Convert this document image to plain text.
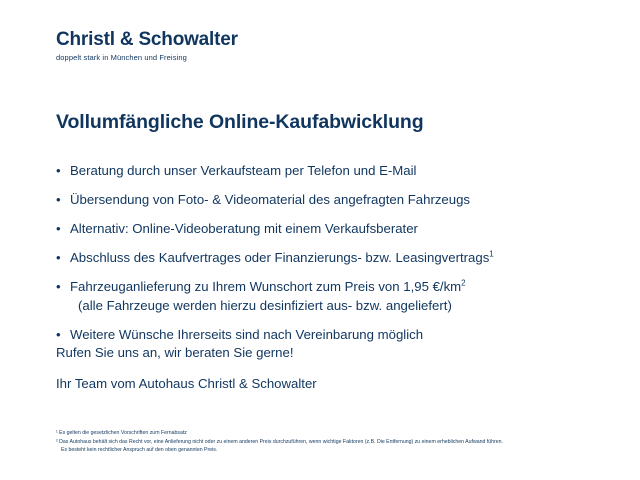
Christl & Schowalter
doppelt stark in München und Freising
Vollumfängliche Online-Kaufabwicklung
• Beratung durch unser Verkaufsteam per Telefon und E-Mail
• Übersendung von Foto- & Videomaterial des angefragten Fahrzeugs
• Alternativ: Online-Videoberatung mit einem Verkaufsberater
• Abschluss des Kaufvertrages oder Finanzierungs- bzw. Leasingvertrags$^1$
• Fahrzeuganlieferung zu Ihrem Wunschort zum Preis von 1,95 $€/km^2$
(alle Fahrzeuge werden hierzu desinfiziert aus- bzw. angeliefert)
• Weitere Wünsche Ihrerseits sind nach Vereinbarung möglich
Rufen Sie uns an, wir beraten Sie gerne!
Ihr Team vom Autohaus Christl & Schowalter

¹ Es gelten die gesetzlichen Vorschriften zum Fernabsatz

² Das Autohaus behält sich das Recht vor, eine Anlieferung nicht oder zu einem anderen Preis durchzuführen, wenn wichtige Faktoren (z.B. Die Entfernung) zu einem erheblichen Aufwand führen.

Es besteht kein rechtlicher Anspruch auf den oben genannten Preis.
